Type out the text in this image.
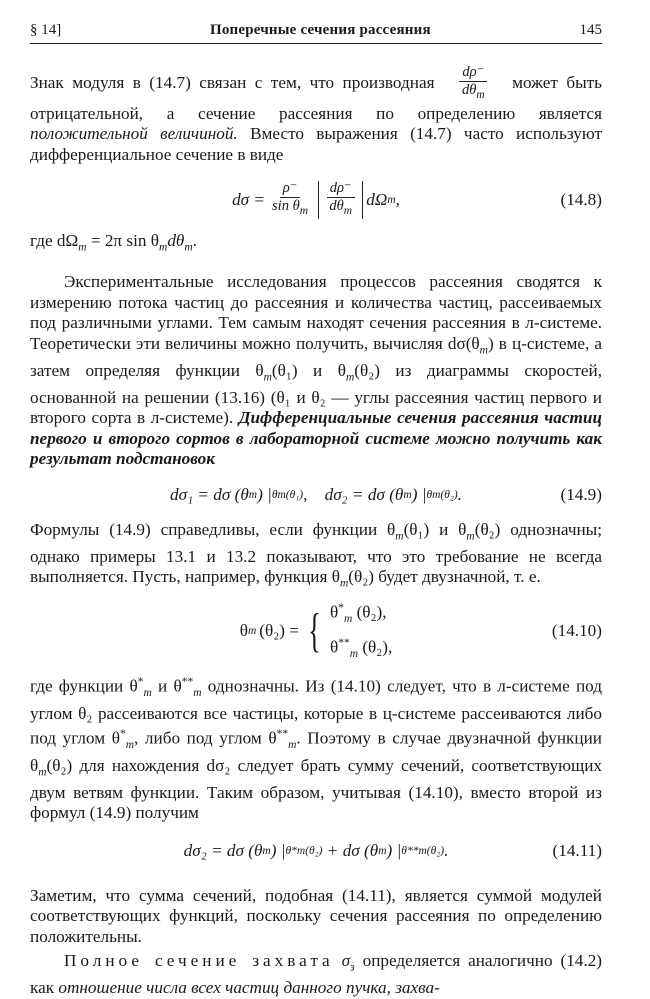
§ 14]	Поперечные сечения рассеяния	145

Знак модуля в (14.7) связан с тем, что производная $\frac{d\rho^-}{d\theta_m}$ может быть отрицательной, а сечение рассеяния по определению является положительной величиной. Вместо выражения (14.7) часто используют дифференциальное сечение в виде

$d\sigma = \frac{\rho^-}{\sin \theta_m} \frac{d\rho^-}{d\theta_m}$ dΩ m ,	(14.8)

где $d\Omega_m = 2\pi$ $\sin \theta_md\theta_m$.

Экспериментальные исследования процессов рассеяния сводятся к измерению потока частиц до рассеяния и количества частиц, рассеиваемых под различными углами. Тем самым находят сечения рассеяния в л-системе. Теоретически эти величины можно получить, вычисляя $d\sigma(\theta_m)$ в ц-системе, а затем определяя функции $\theta_m(\theta_1)$ и $\theta_m(\theta_2)$ из диаграммы скоростей, основанной на решении (13.16) (θ₁ и θ₂ — углы рассеяния частиц первого и второго сорта в л-системе). Дифференциальные сечения рассеяния частиц первого и второго сортов в лабораторной системе можно получить как результат подстановок

dσ₁ = dσ (θ m ) | θm(θ₁) ,    dσ₂ = dσ (θ m ) | θm(θ₂) .	(14.9)

Формулы (14.9) справедливы, если функции $\theta_m(\theta_1)$ и $\theta_m(\theta_2)$ однозначны; однако примеры 13.1 и 13.2 показывают, что это требование не всегда выполняется. Пусть, например, функция $\theta_m(\theta_2)$ будет двузначной, т. е.

θ m (θ₂) = { $\theta^*_m$ (θ₂),
$\theta^{**}_m$ (θ₂),
(14.10)

где функции $\theta^*_m$ и $\theta^{**}_m$ однозначны. Из (14.10) следует, что в л-системе под углом θ₂ рассеиваются все частицы, которые в ц-системе рассеиваются либо под углом $\theta^*_m$, либо под углом $\theta^{**}_m$. Поэтому в случае двузначной функции $\theta_m(\theta_2)$ для нахождения dσ₂ следует брать сумму сечений, соответствующих двум ветвям функции. Таким образом, учитывая (14.10), вместо второй из формул (14.9) получим

dσ₂ = dσ (θ m ) | θ*m(θ₂) + dσ (θ m ) | θ**m(θ₂) .	(14.11)

Заметим, что сумма сечений, подобная (14.11), является суммой модулей соответствующих функций, поскольку сечения рассеяния по определению положительны.

Полное сечение захвата $\sigma_з$ определяется аналогично (14.2) как отношение числа всех частиц данного пучка, захва-
